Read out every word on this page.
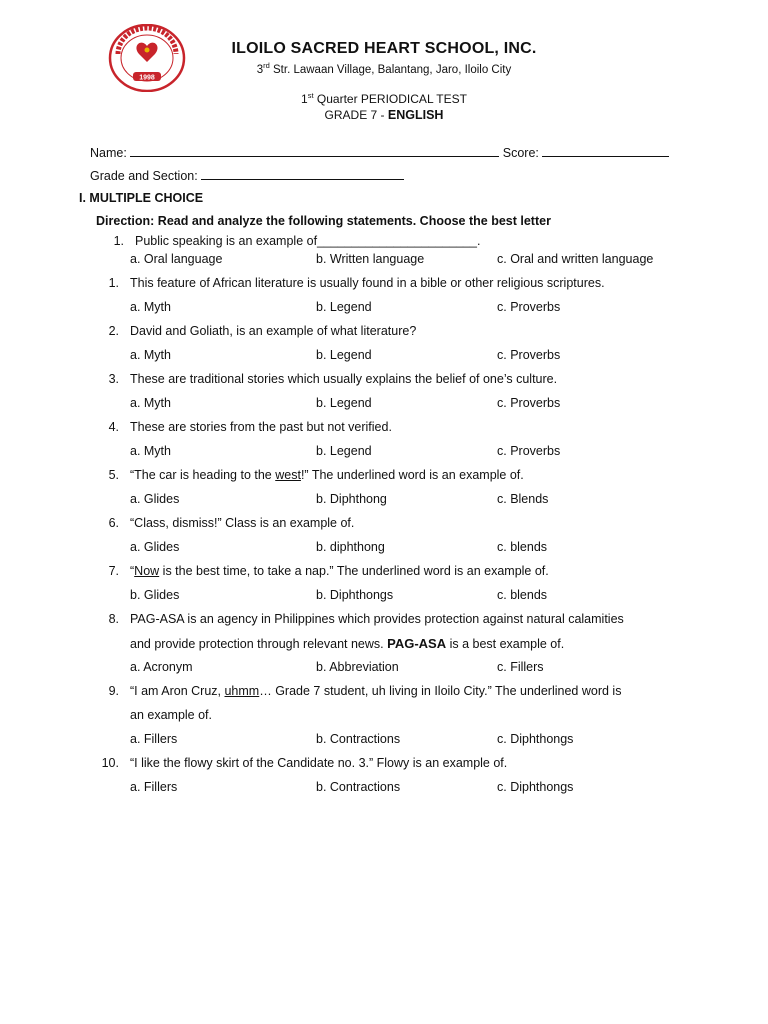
1998
ILOILO SACRED HEART SCHOOL, INC.
3rd Str. Lawaan Village, Balantang, Jaro, Iloilo City
1st Quarter PERIODICAL TEST
GRADE 7 - ENGLISH
Name:	Score:
Grade and Section:
I. MULTIPLE CHOICE
Direction: Read and analyze the following statements. Choose the best letter
1. Public speaking is an example of_______________________.
a. Oral language	b. Written language	c. Oral and written language
1. This feature of African literature is usually found in a bible or other religious scriptures.
a. Myth	b. Legend	c. Proverbs
2. David and Goliath, is an example of what literature?
a. Myth	b. Legend	c. Proverbs
3. These are traditional stories which usually explains the belief of one’s culture.
a. Myth	b. Legend	c. Proverbs
4. These are stories from the past but not verified.
a. Myth	b. Legend	c. Proverbs
5. “The car is heading to the west!” The underlined word is an example of.
a. Glides	b. Diphthong	c. Blends
6. “Class, dismiss!” Class is an example of.
a. Glides	b. diphthong	c. blends
7. “Now is the best time, to take a nap.” The underlined word is an example of.
b. Glides	b. Diphthongs	c. blends
8. PAG-ASA is an agency in Philippines which provides protection against natural calamities
and provide protection through relevant news. PAG-ASA is a best example of.
a. Acronym	b. Abbreviation	c. Fillers
9. “I am Aron Cruz, uhmm… Grade 7 student, uh living in Iloilo City.” The underlined word is
an example of.
a. Fillers	b. Contractions	c. Diphthongs
10. “I like the flowy skirt of the Candidate no. 3.” Flowy is an example of.
a. Fillers	b. Contractions	c. Diphthongs
